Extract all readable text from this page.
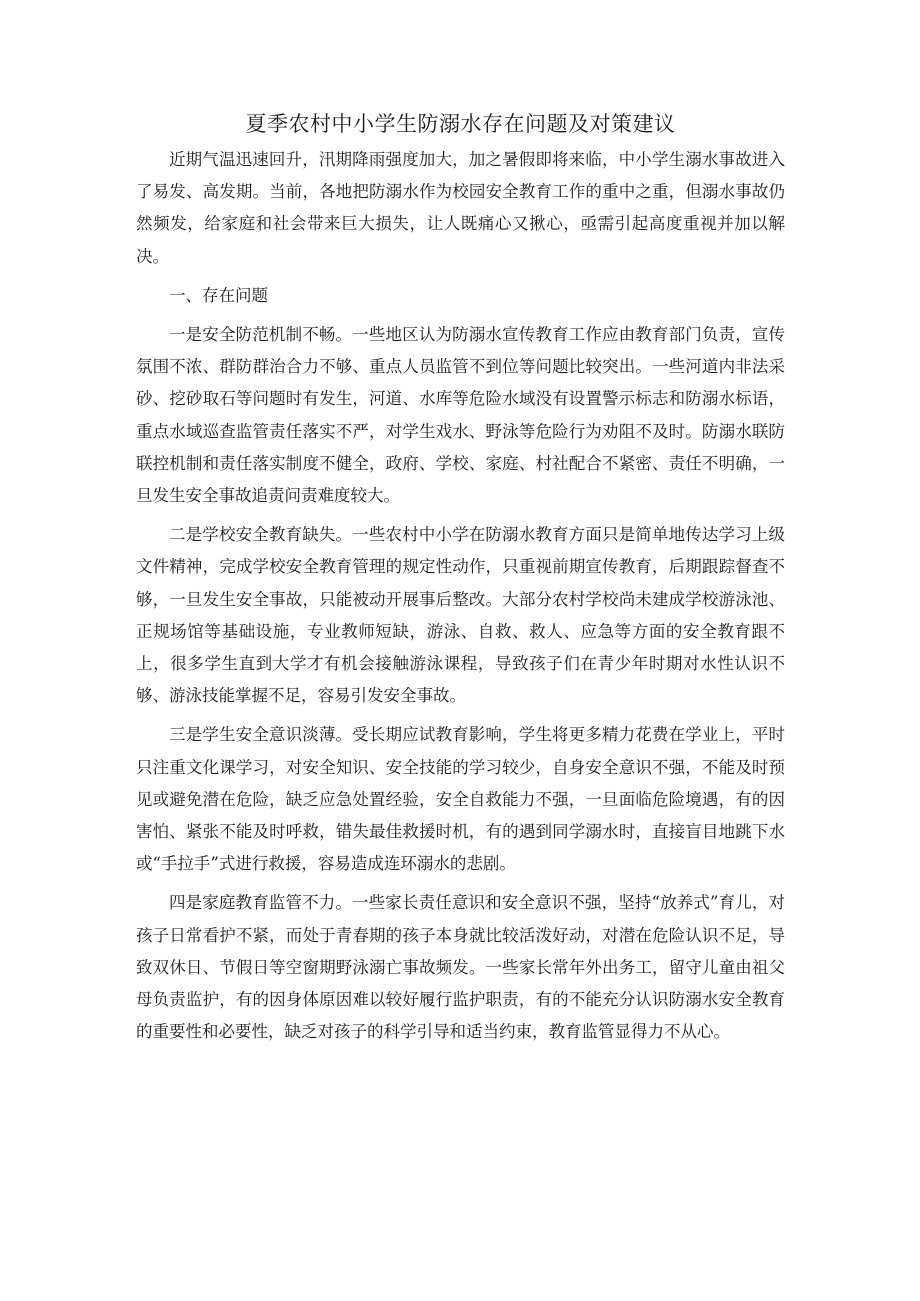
夏季农村中小学生防溺水存在问题及对策建议

近期气温迅速回升，汛期降雨强度加大，加之暑假即将来临，中小学生溺水事故进入了易发、高发期。当前，各地把防溺水作为校园安全教育工作的重中之重，但溺水事故仍然频发，给家庭和社会带来巨大损失，让人既痛心又揪心，亟需引起高度重视并加以解决。

一、存在问题

一是安全防范机制不畅。一些地区认为防溺水宣传教育工作应由教育部门负责，宣传氛围不浓、群防群治合力不够、重点人员监管不到位等问题比较突出。一些河道内非法采砂、挖砂取石等问题时有发生，河道、水库等危险水域没有设置警示标志和防溺水标语，重点水域巡查监管责任落实不严，对学生戏水、野泳等危险行为劝阻不及时。防溺水联防联控机制和责任落实制度不健全，政府、学校、家庭、村社配合不紧密、责任不明确，一旦发生安全事故追责问责难度较大。

二是学校安全教育缺失。一些农村中小学在防溺水教育方面只是简单地传达学习上级文件精神，完成学校安全教育管理的规定性动作，只重视前期宣传教育，后期跟踪督查不够，一旦发生安全事故，只能被动开展事后整改。大部分农村学校尚未建成学校游泳池、正规场馆等基础设施，专业教师短缺，游泳、自救、救人、应急等方面的安全教育跟不上，很多学生直到大学才有机会接触游泳课程，导致孩子们在青少年时期对水性认识不够、游泳技能掌握不足，容易引发安全事故。

三是学生安全意识淡薄。受长期应试教育影响，学生将更多精力花费在学业上，平时只注重文化课学习，对安全知识、安全技能的学习较少，自身安全意识不强，不能及时预见或避免潜在危险，缺乏应急处置经验，安全自救能力不强，一旦面临危险境遇，有的因害怕、紧张不能及时呼救，错失最佳救援时机，有的遇到同学溺水时，直接盲目地跳下水或“手拉手”式进行救援，容易造成连环溺水的悲剧。

四是家庭教育监管不力。一些家长责任意识和安全意识不强，坚持“放养式”育儿，对孩子日常看护不紧，而处于青春期的孩子本身就比较活泼好动，对潜在危险认识不足，导致双休日、节假日等空窗期野泳溺亡事故频发。一些家长常年外出务工，留守儿童由祖父母负责监护，有的因身体原因难以较好履行监护职责，有的不能充分认识防溺水安全教育的重要性和必要性，缺乏对孩子的科学引导和适当约束，教育监管显得力不从心。
